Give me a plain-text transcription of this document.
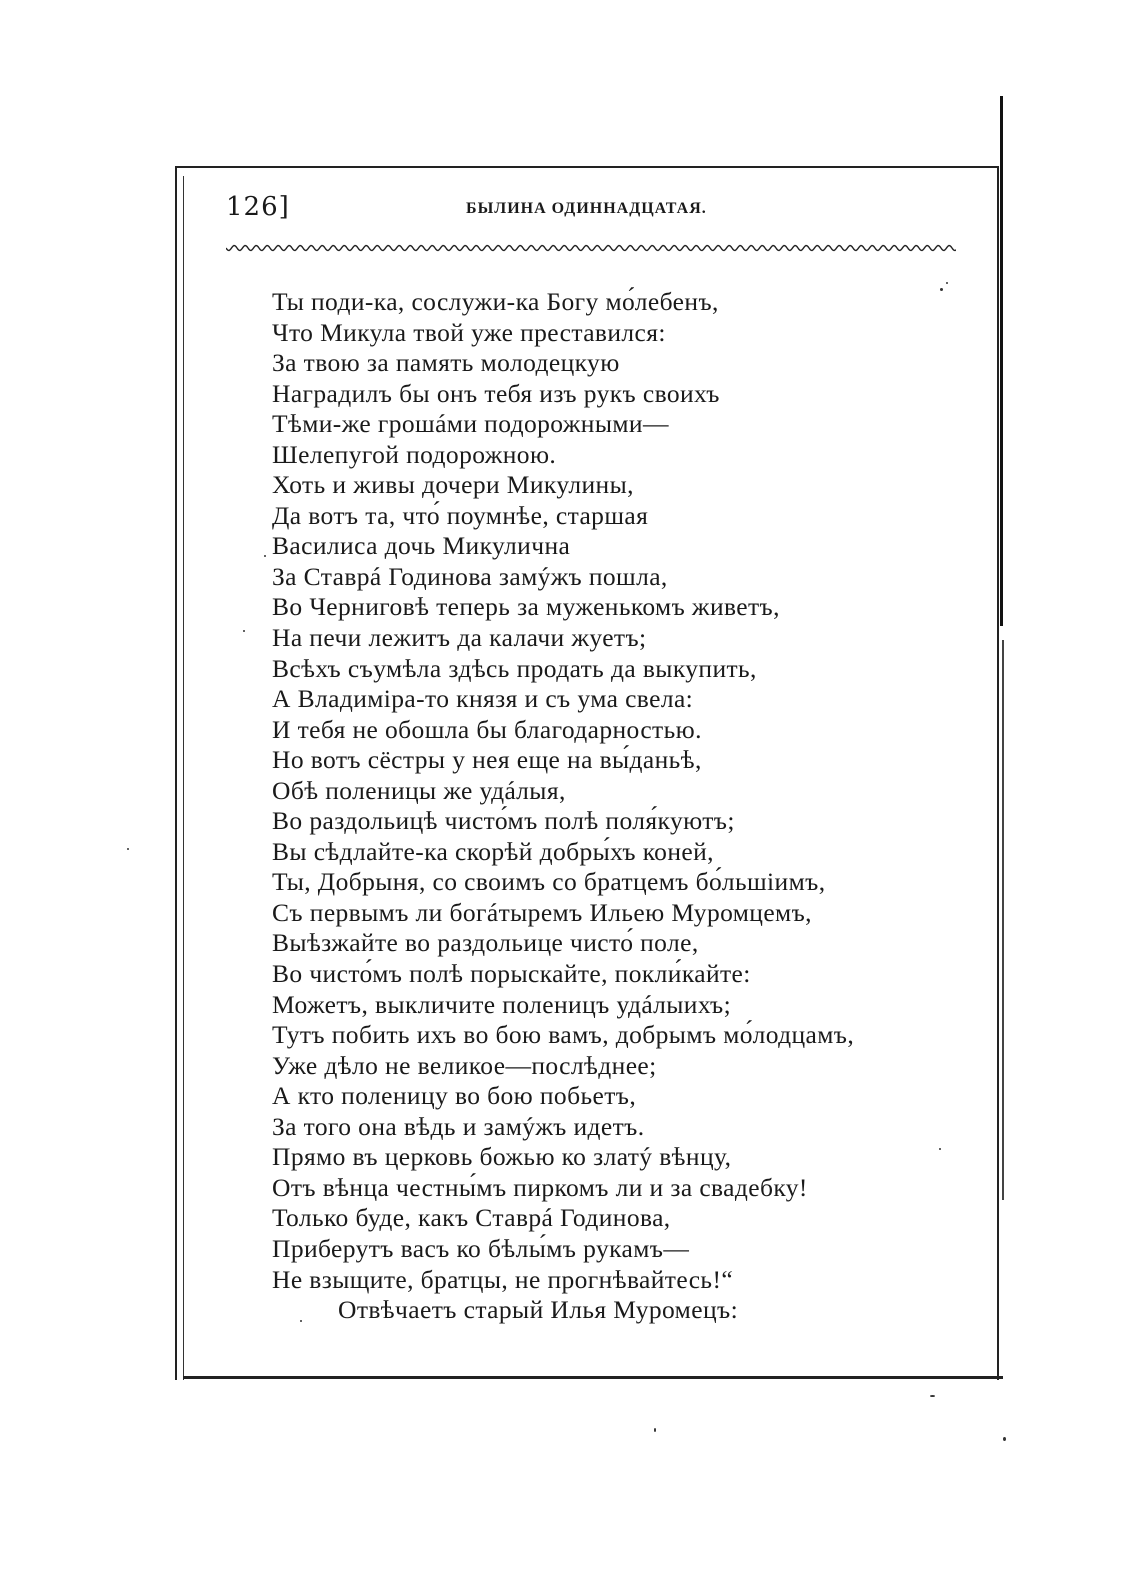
126]	БЫЛИНА ОДИННАДЦАТАЯ.
Ты поди-ка, сослужи-ка Богу мо́лебенъ,
Что Микула твой уже преставился:
За твою за память молодецкую
Наградилъ бы онъ тебя изъ рукъ своихъ
Тѣми-же грошáми подорожными—
Шелепугой подорожною.
Хоть и живы дочери Микулины,
Да вотъ та, что́ поумнѣе, старшая
Василиса дочь Микулична
За Ставрá Годинова замýжъ пошла,
Во Черниговѣ теперь за муженькомъ живетъ,
На печи лежитъ да калачи жуетъ;
Всѣхъ съумѣла здѣсь продать да выкупить,
А Владиміра-то князя и съ ума свела:
И тебя не обошла бы благодарностью.
Но вотъ сёстры у нея еще на вы́даньѣ,
Обѣ поленицы же удáлыя,
Во раздольицѣ чисто́мъ полѣ поля́куютъ;
Вы сѣдлайте-ка скорѣй добры́хъ коней,
Ты, Добрыня, со своимъ со братцемъ бо́льшіимъ,
Съ первымъ ли богáтыремъ Ильею Муромцемъ,
Выѣзжайте во раздольице чисто́ поле,
Во чисто́мъ полѣ порыскайте, покли́кайте:
Можетъ, выкличите поленицъ удáлыихъ;
Тутъ побить ихъ во бою вамъ, добрымъ мо́лодцамъ,
Уже дѣло не великое—послѣднее;
А кто поленицу во бою побьетъ,
За того она вѣдь и замýжъ идетъ.
Прямо въ церковь божью ко златý вѣнцу,
Отъ вѣнца честны́мъ пиркомъ ли и за свадебку!
Только буде, какъ Ставрá Годинова,
Приберутъ васъ ко бѣлы́мъ рукамъ—
Не взыщите, братцы, не прогнѣвайтесь!“
Отвѣчаетъ старый Илья Муромецъ:
